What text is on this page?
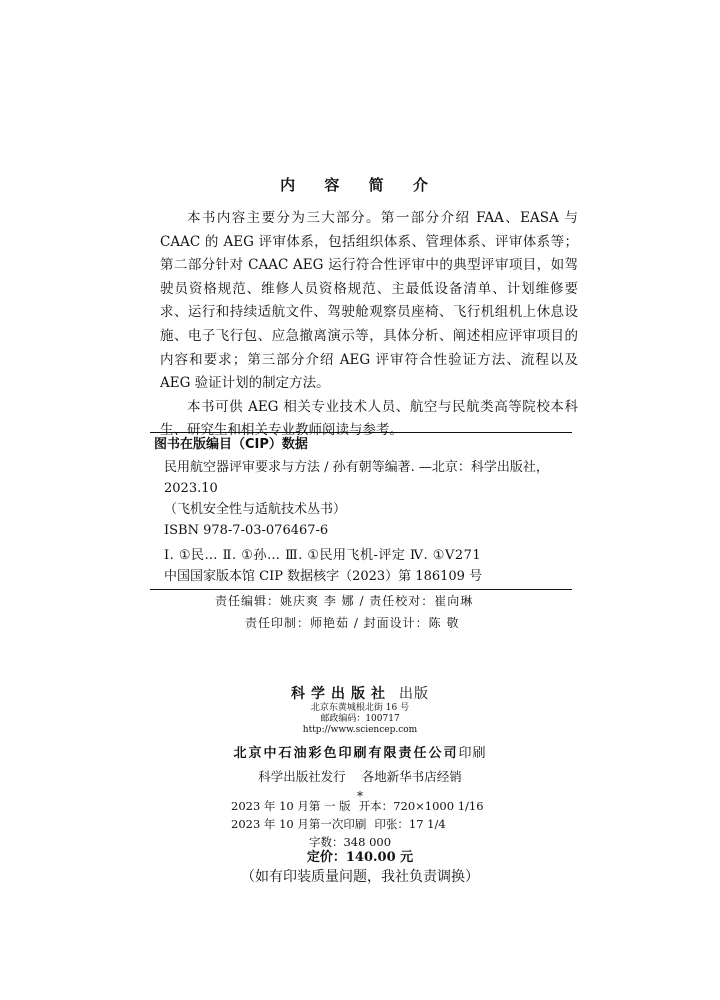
内 容 简 介

本书内容主要分为三大部分。第一部分介绍 FAA、EASA 与 CAAC 的 AEG 评审体系，包括组织体系、管理体系、评审体系等；第二部分针对 CAAC AEG 运行符合性评审中的典型评审项目，如驾驶员资格规范、维修人员资格规范、主最低设备清单、计划维修要求、运行和持续适航文件、驾驶舱观察员座椅、飞行机组机上休息设施、电子飞行包、应急撤离演示等，具体分析、阐述相应评审项目的内容和要求；第三部分介绍 AEG 评审符合性验证方法、流程以及 AEG 验证计划的制定方法。

本书可供 AEG 相关专业技术人员、航空与民航类高等院校本科生、研究生和相关专业教师阅读与参考。

图书在版编目（CIP）数据
民用航空器评审要求与方法 / 孙有朝等编著. —北京：科学出版社，
2023.10
（飞机安全性与适航技术丛书）
ISBN 978-7-03-076467-6
Ⅰ. ①民… Ⅱ. ①孙… Ⅲ. ①民用飞机-评定 Ⅳ. ①V271
中国国家版本馆 CIP 数据核字（2023）第 186109 号
责任编辑：姚庆爽 李 娜 / 责任校对：崔向琳
责任印制：师艳茹 / 封面设计：陈 敬
科学出版社 出版
北京东黄城根北街 16 号
邮政编码：100717
http://www.sciencep.com
北京中石油彩色印刷有限责任公司印刷
科学出版社发行 各地新华书店经销
*
2023 年 10 月第 一 版 开本：720×1000 1/16
2023 年 10 月第一次印刷 印张：17 1/4
字数：348 000
定价：140.00 元
（如有印装质量问题，我社负责调换）
